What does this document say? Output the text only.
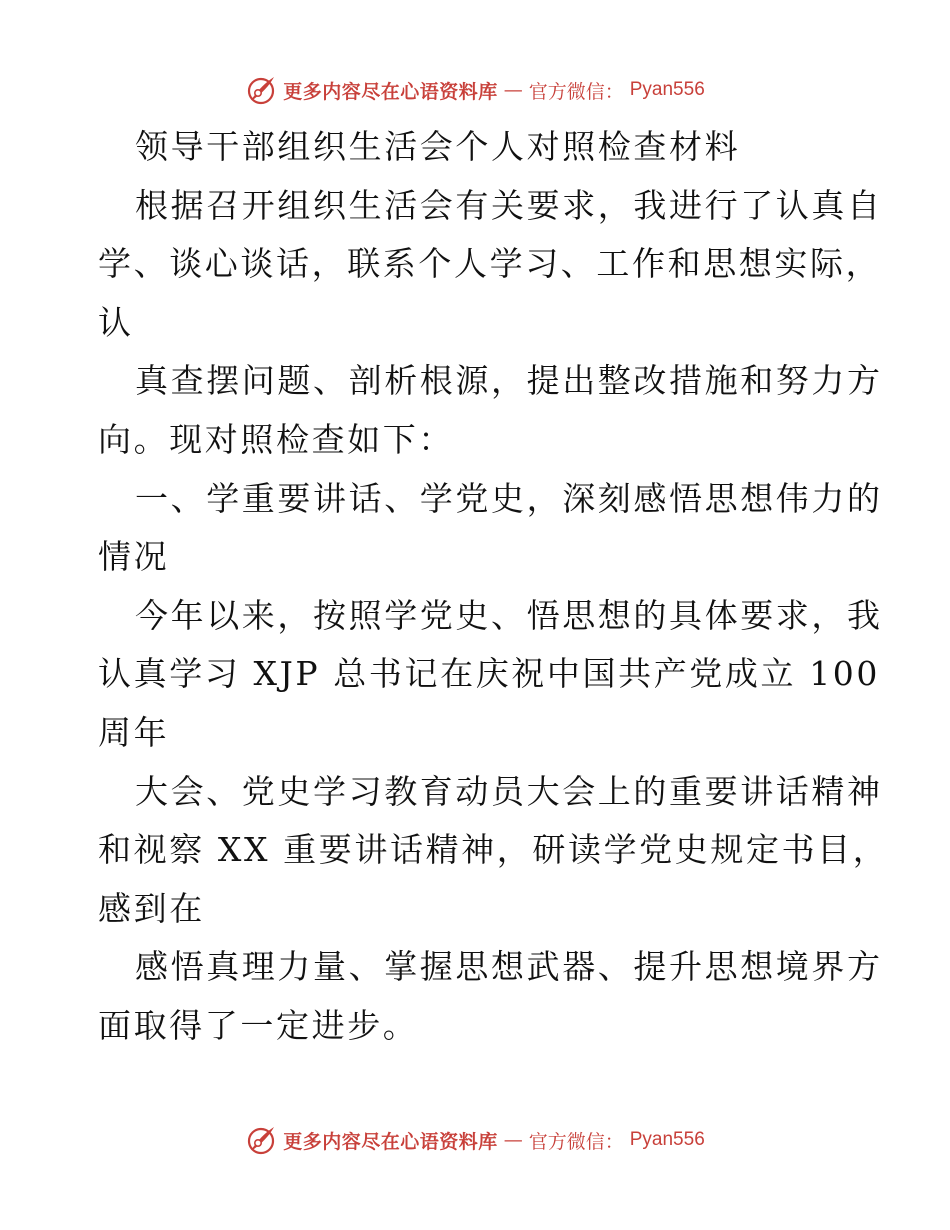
更多内容尽在心语资料库 — 官方微信： Pyan556
领导干部组织生活会个人对照检查材料
根据召开组织生活会有关要求，我进行了认真自
学、谈心谈话，联系个人学习、工作和思想实际，
认
真查摆问题、剖析根源，提出整改措施和努力方
向。现对照检查如下：
一、学重要讲话、学党史，深刻感悟思想伟力的
情况
今年以来，按照学党史、悟思想的具体要求，我
认真学习 XJP 总书记在庆祝中国共产党成立 100
周年
大会、党史学习教育动员大会上的重要讲话精神
和视察 XX 重要讲话精神，研读学党史规定书目，
感到在
感悟真理力量、掌握思想武器、提升思想境界方
面取得了一定进步。
更多内容尽在心语资料库 — 官方微信： Pyan556
